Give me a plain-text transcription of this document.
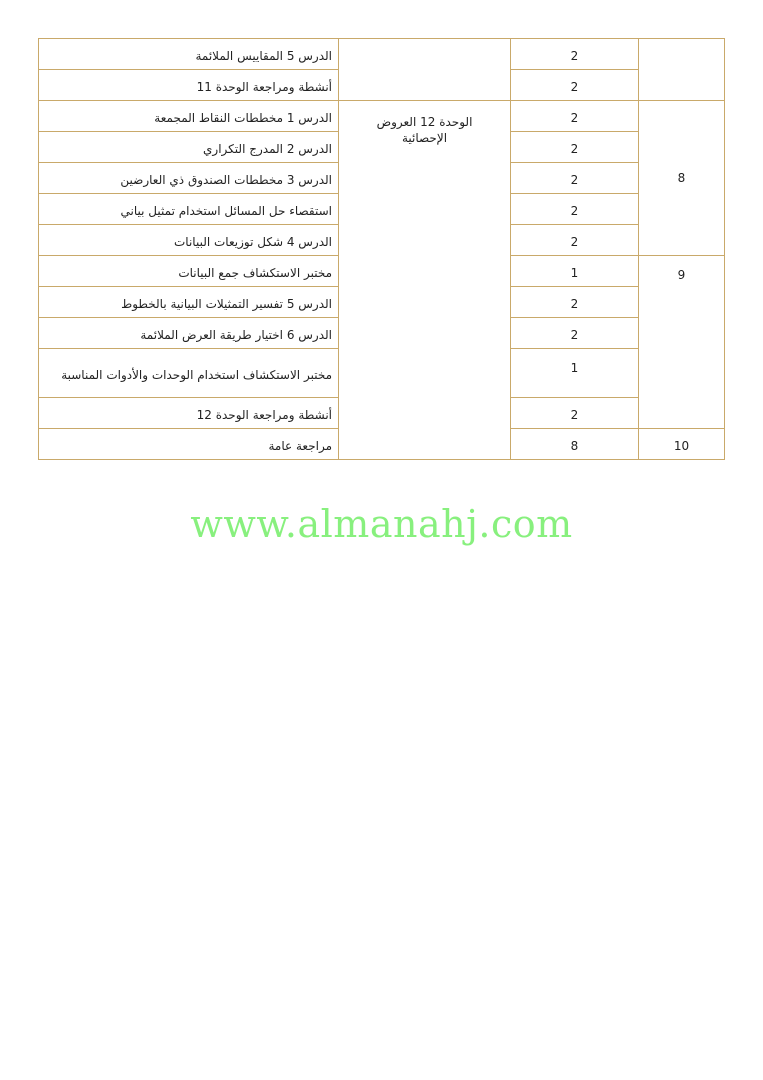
الدرس 5 المقاييس الملائمة		2	
أنشطة ومراجعة الوحدة 11		2	
الدرس 1 مخططات النقاط المجمعة	الوحدة 12 العروض الإحصائية	2	8
الدرس 2 المدرج التكراري		2	
الدرس 3 مخططات الصندوق ذي العارضين		2	
استقصاء حل المسائل استخدام تمثيل بياني		2	
الدرس 4 شكل توزيعات البيانات		2	
مختبر الاستكشاف جمع البيانات		1	9
الدرس 5 تفسير التمثيلات البيانية بالخطوط		2	
الدرس 6 اختيار طريقة العرض الملائمة		2	
مختبر الاستكشاف استخدام الوحدات والأدوات المناسبة		1	
أنشطة ومراجعة الوحدة 12		2	
مراجعة عامة		8	10
www.almanahj.com
